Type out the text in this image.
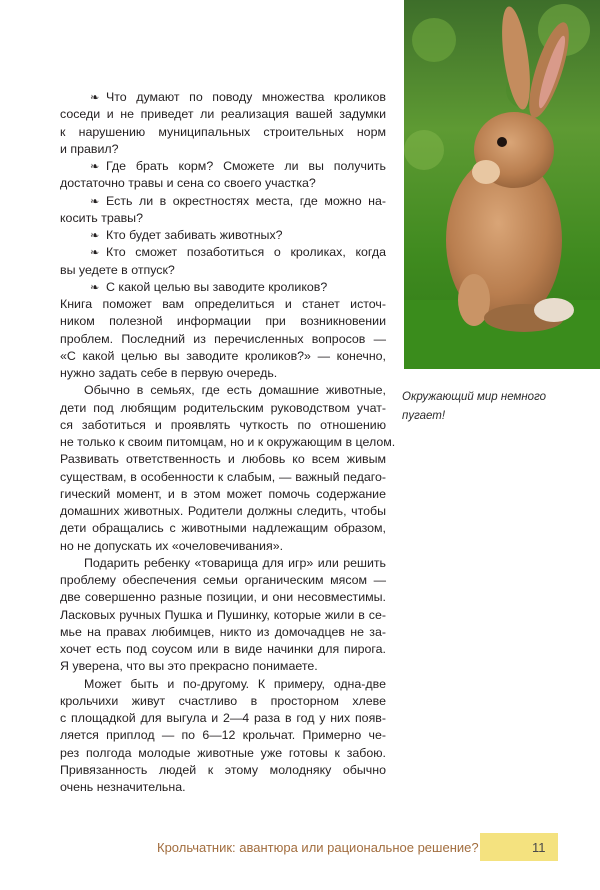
Окружающий мир немного
пугает!
❧ Что думают по поводу множества кроликов
соседи и не приведет ли реализация вашей задумки
к нарушению муниципальных строительных норм
и правил?
❧ Где брать корм? Сможете ли вы получить
достаточно травы и сена со своего участка?
❧ Есть ли в окрестностях места, где можно на-
косить травы?
❧ Кто будет забивать животных?
❧ Кто сможет позаботиться о кроликах, когда
вы уедете в отпуск?
❧ С какой целью вы заводите кроликов?
Книга поможет вам определиться и станет источ-
ником полезной информации при возникновении
проблем. Последний из перечисленных вопросов —
«С какой целью вы заводите кроликов?» — конечно,
нужно задать себе в первую очередь.
Обычно в семьях, где есть домашние животные,
дети под любящим родительским руководством учат-
ся заботиться и проявлять чуткость по отношению
не только к своим питомцам, но и к окружающим в целом.
Развивать ответственность и любовь ко всем живым
существам, в особенности к слабым, — важный педаго-
гический момент, и в этом может помочь содержание
домашних животных. Родители должны следить, чтобы
дети обращались с животными надлежащим образом,
но не допускать их «очеловечивания».
Подарить ребенку «товарища для игр» или решить
проблему обеспечения семьи органическим мясом —
две совершенно разные позиции, и они несовместимы.
Ласковых ручных Пушка и Пушинку, которые жили в се-
мье на правах любимцев, никто из домочадцев не за-
хочет есть под соусом или в виде начинки для пирога.
Я уверена, что вы это прекрасно понимаете.
Может быть и по-другому. К примеру, одна-две
крольчихи живут счастливо в просторном хлеве
с площадкой для выгула и 2—4 раза в год у них появ-
ляется приплод — по 6—12 крольчат. Примерно че-
рез полгода молодые животные уже готовы к забою.
Привязанность людей к этому молодняку обычно
очень незначительна.
Крольчатник: авантюра или рациональное решение?	11
